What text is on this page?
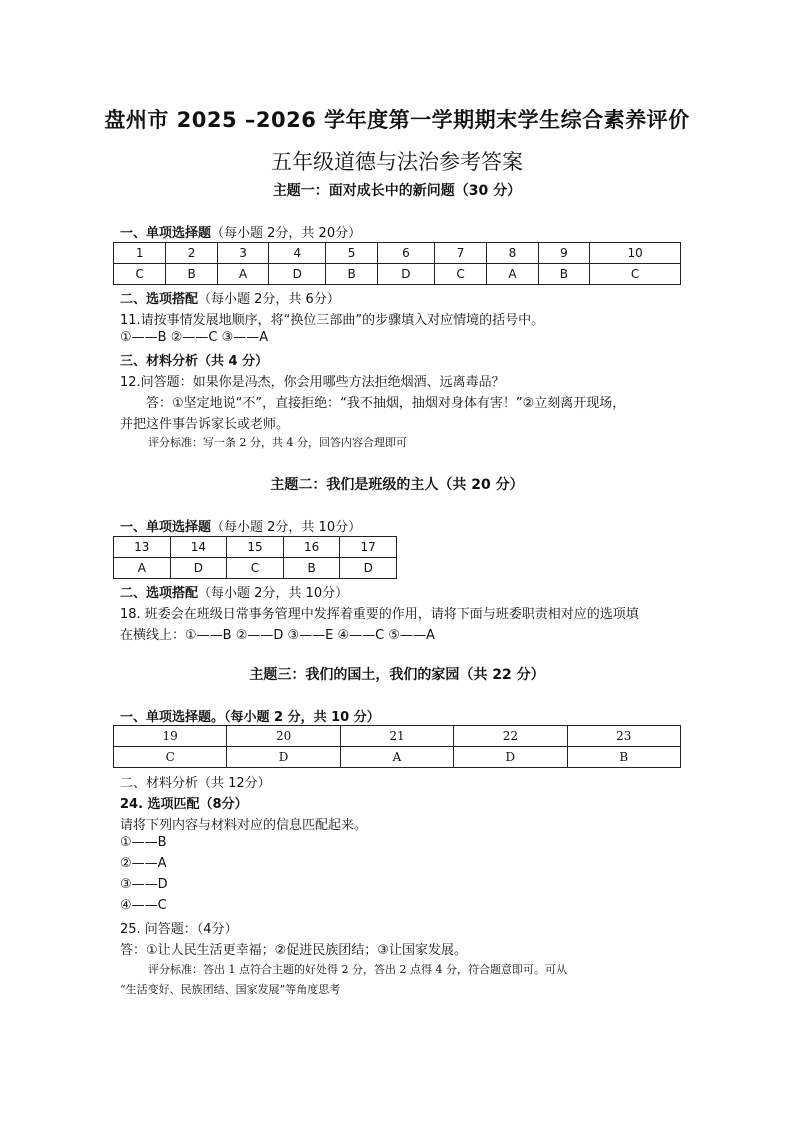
盘州市 2025 –2026 学年度第一学期期末学生综合素养评价
五年级道德与法治参考答案
主题一：面对成长中的新问题（30 分）
一、单项选择题（每小题 2分，共 20分）
1	2	3	4	5	6	7	8	9	10
C	B	A	D	B	D	C	A	B	C
二、选项搭配（每小题 2分，共 6分）
11.请按事情发展地顺序，将“换位三部曲”的步骤填入对应情境的括号中。
①——B ②——C ③——A
三、材料分析（共 4 分）
12.问答题：如果你是冯杰，你会用哪些方法拒绝烟酒、远离毒品？
答：①坚定地说“不”，直接拒绝：“我不抽烟，抽烟对身体有害！”②立刻离开现场，
并把这件事告诉家长或老师。
评分标准：写一条 2 分，共 4 分，回答内容合理即可
主题二：我们是班级的主人（共 20 分）
一、单项选择题（每小题 2分，共 10分）
13	14	15	16	17
A	D	C	B	D
二、选项搭配（每小题 2分，共 10分）
18. 班委会在班级日常事务管理中发挥着重要的作用，请将下面与班委职责相对应的选项填
在横线上：①——B ②——D ③——E ④——C ⑤——A
主题三：我们的国土，我们的家园（共 22 分）
一、单项选择题。（每小题 2 分，共 10 分）
19	20	21	22	23
C	D	A	D	B
二、材料分析（共 12分）
24. 选项匹配（8分）
请将下列内容与材料对应的信息匹配起来。
①——B
②——A
③——D
④——C
25. 问答题：（4分）
答：①让人民生活更幸福；②促进民族团结；③让国家发展。
评分标准：答出 1 点符合主题的好处得 2 分，答出 2 点得 4 分，符合题意即可。可从
“生活变好、民族团结、国家发展”等角度思考
